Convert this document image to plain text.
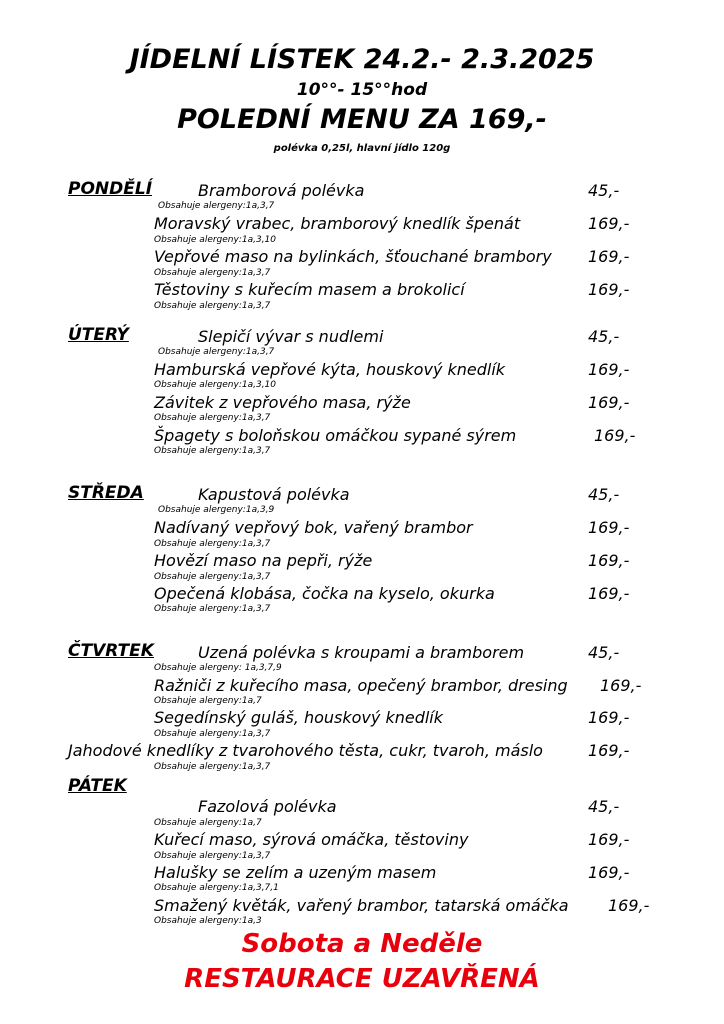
JÍDELNÍ LÍSTEK 24.2.- 2.3.2025
10°°- 15°°hod
POLEDNÍ MENU ZA 169,-
polévka 0,25l, hlavní jídlo 120g
PONDĚLÍ	Bramborová polévka	45,-
Obsahuje alergeny:1a,3,7
Moravský vrabec, bramborový knedlík špenát	169,-
Obsahuje alergeny:1a,3,10
Vepřové maso na bylinkách, šťouchané brambory 169,-
Obsahuje alergeny:1a,3,7
Těstoviny s kuřecím masem a brokolicí	169,-
Obsahuje alergeny:1a,3,7
ÚTERÝ	Slepičí vývar s nudlemi	45,-
Obsahuje alergeny:1a,3,7
Hamburská vepřové kýta, houskový knedlík	169,-
Obsahuje alergeny:1a,3,10
Závitek z vepřového masa, rýže	169,-
Obsahuje alergeny:1a,3,7
Špagety s boloňskou omáčkou sypané sýrem	169,-
Obsahuje alergeny:1a,3,7
STŘEDA	Kapustová polévka	45,-
Obsahuje alergeny:1a,3,9
Nadívaný vepřový bok, vařený brambor	169,-
Obsahuje alergeny:1a,3,7
Hovězí maso na pepři, rýže	169,-
Obsahuje alergeny:1a,3,7
Opečená klobása, čočka na kyselo, okurka	169,-
Obsahuje alergeny:1a,3,7
ČTVRTEK	Uzená polévka s kroupami a bramborem	45,-
Obsahuje alergeny: 1a,3,7,9
Ražniči z kuřecího masa, opečený brambor, dresing 169,-
Obsahuje alergeny:1a,7
Segedínský guláš, houskový knedlík	169,-
Obsahuje alergeny:1a,3,7
Jahodové knedlíky z tvarohového těsta, cukr, tvaroh, máslo	169,-
Obsahuje alergeny:1a,3,7
PÁTEK
Fazolová polévka	45,-
Obsahuje alergeny:1a,7
Kuřecí maso, sýrová omáčka, těstoviny	169,-
Obsahuje alergeny:1a,3,7
Halušky se zelím a uzeným masem	169,-
Obsahuje alergeny:1a,3,7,1
Smažený květák, vařený brambor, tatarská omáčka 169,-
Obsahuje alergeny:1a,3
Sobota a Neděle
RESTAURACE UZAVŘENÁ
